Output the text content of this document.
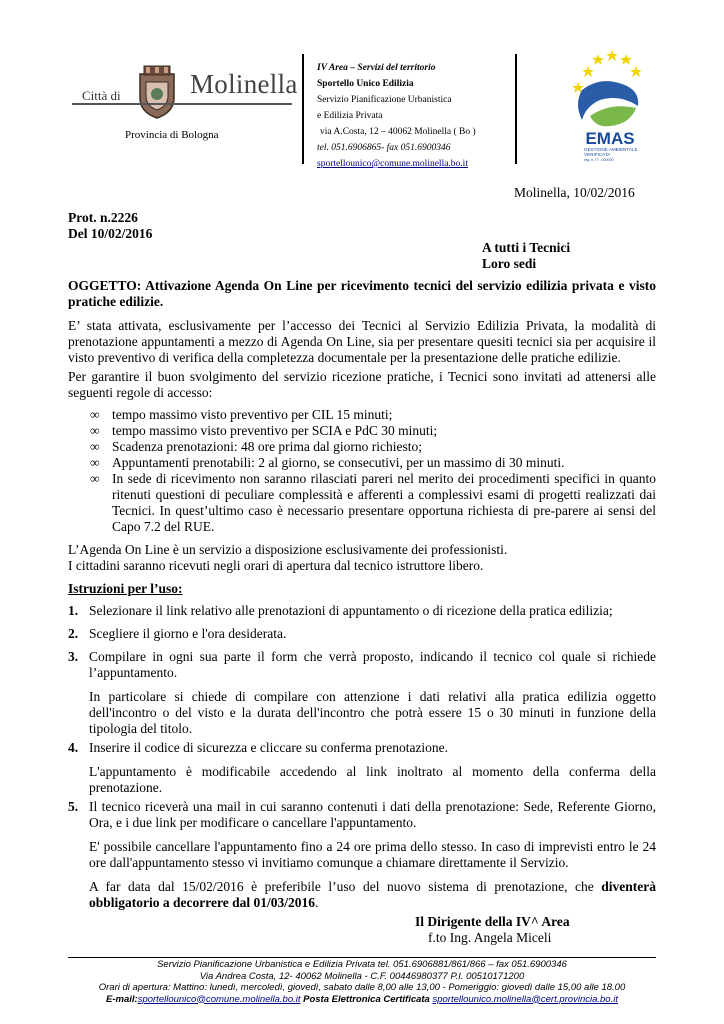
Città di	Molinella
Provincia di Bologna
IV Area – Servizi del territorio
Sportello Unico Edilizia
Servizio Pianificazione Urbanistica
e Edilizia Privata
via A.Costa, 12 – 40062 Molinella ( Bo )
tel. 051.6906865- fax 051.6900346
sportellounico@comune.molinella.bo.it
EMAS
GESTIONE AMBIENTALE
VERIFICATA
reg. n. IT - 000000
Molinella, 10/02/2016
Prot. n.2226
Del 10/02/2016
A tutti i Tecnici
Loro sedi
OGGETTO: Attivazione Agenda On Line per ricevimento tecnici del servizio edilizia privata e visto pratiche edilizie.
E’ stata attivata, esclusivamente per l’accesso dei Tecnici al Servizio Edilizia Privata, la modalità di prenotazione appuntamenti a mezzo di Agenda On Line, sia per presentare quesiti tecnici sia per acquisire il visto preventivo di verifica della completezza documentale per la presentazione delle pratiche edilizie.
Per garantire il buon svolgimento del servizio ricezione pratiche, i Tecnici sono invitati ad attenersi alle seguenti regole di accesso:
∞ tempo massimo visto preventivo per CIL 15 minuti;
∞ tempo massimo visto preventivo per SCIA e PdC 30 minuti;
∞ Scadenza prenotazioni: 48 ore prima dal giorno richiesto;
∞ Appuntamenti prenotabili: 2 al giorno, se consecutivi, per un massimo di 30 minuti.
∞ In sede di ricevimento non saranno rilasciati pareri nel merito dei procedimenti specifici in quanto ritenuti questioni di peculiare complessità e afferenti a complessivi esami di progetti realizzati dai Tecnici. In quest’ultimo caso è necessario presentare opportuna richiesta di pre-parere ai sensi del Capo 7.2 del RUE.
L’Agenda On Line è un servizio a disposizione esclusivamente dei professionisti.
I cittadini saranno ricevuti negli orari di apertura dal tecnico istruttore libero.
Istruzioni per l’uso:
1. Selezionare il link relativo alle prenotazioni di appuntamento o di ricezione della pratica edilizia;
2. Scegliere il giorno e l'ora desiderata.
3. Compilare in ogni sua parte il form che verrà proposto, indicando il tecnico col quale si richiede l’appuntamento.
In particolare si chiede di compilare con attenzione i dati relativi alla pratica edilizia oggetto dell'incontro o del visto e la durata dell'incontro che potrà essere 15 o 30 minuti in funzione della tipologia del titolo.
4. Inserire il codice di sicurezza e cliccare su conferma prenotazione.
L'appuntamento è modificabile accedendo al link inoltrato al momento della conferma della prenotazione.
5. Il tecnico riceverà una mail in cui saranno contenuti i dati della prenotazione: Sede, Referente Giorno, Ora, e i due link per modificare o cancellare l'appuntamento.
E' possibile cancellare l'appuntamento fino a 24 ore prima dello stesso. In caso di imprevisti entro le 24 ore dall'appuntamento stesso vi invitiamo comunque a chiamare direttamente il Servizio.
A far data dal 15/02/2016 è preferibile l’uso del nuovo sistema di prenotazione, che diventerà obbligatorio a decorrere dal 01/03/2016.
Il Dirigente della IV^ Area
f.to Ing. Angela Miceli
Servizio Pianificazione Urbanistica e Edilizia Privata tel. 051.6906881/861/866 – fax 051.6900346
Via Andrea Costa, 12- 40062 Molinella - C.F. 00446980377 P.I. 00510171200
Orari di apertura: Mattino: lunedì, mercoledì, giovedì, sabato dalle 8,00 alle 13,00 - Pomeriggio: giovedì dalle 15,00 alle 18.00
E-mail:sportellounico@comune.molinella.bo.it Posta Elettronica Certificata sportellounico.molinella@cert.provincia.bo.it
